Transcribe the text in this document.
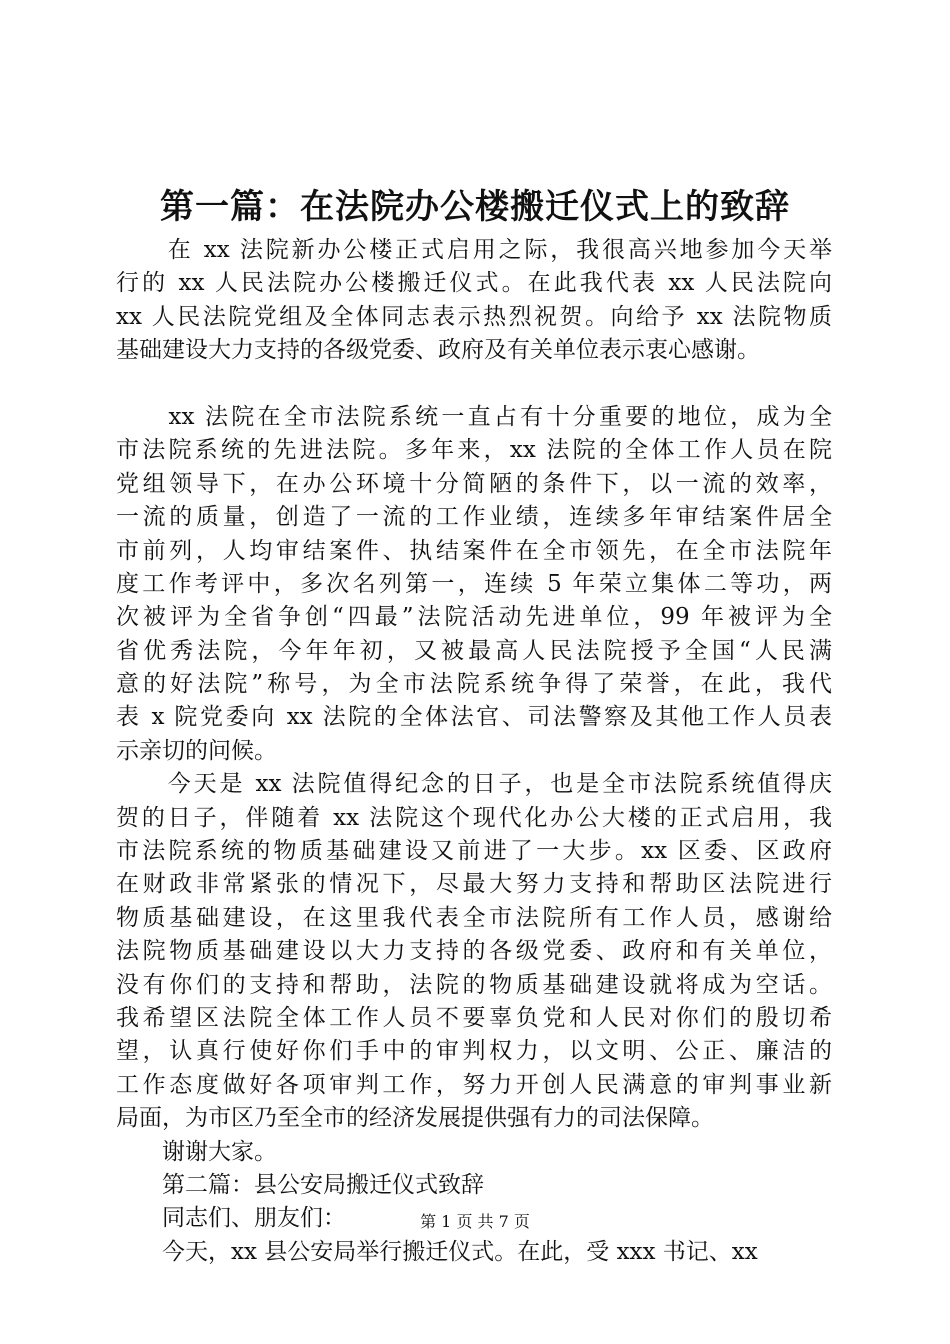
第一篇：在法院办公楼搬迁仪式上的致辞
　　在 xx 法院新办公楼正式启用之际，我很高兴地参加今天举
行的 xx 人民法院办公楼搬迁仪式。在此我代表 xx 人民法院向
xx 人民法院党组及全体同志表示热烈祝贺。向给予 xx 法院物质
基础建设大力支持的各级党委、政府及有关单位表示衷心感谢。
　　xx 法院在全市法院系统一直占有十分重要的地位，成为全
市法院系统的先进法院。多年来，xx 法院的全体工作人员在院
党组领导下，在办公环境十分简陋的条件下，以一流的效率，
一流的质量，创造了一流的工作业绩，连续多年审结案件居全
市前列，人均审结案件、执结案件在全市领先，在全市法院年
度工作考评中，多次名列第一，连续 5 年荣立集体二等功，两
次被评为全省争创“四最”法院活动先进单位，99 年被评为全
省优秀法院，今年年初，又被最高人民法院授予全国“人民满
意的好法院”称号，为全市法院系统争得了荣誉，在此，我代
表 x 院党委向 xx 法院的全体法官、司法警察及其他工作人员表
示亲切的问候。
　　今天是 xx 法院值得纪念的日子，也是全市法院系统值得庆
贺的日子，伴随着 xx 法院这个现代化办公大楼的正式启用，我
市法院系统的物质基础建设又前进了一大步。xx 区委、区政府
在财政非常紧张的情况下，尽最大努力支持和帮助区法院进行
物质基础建设，在这里我代表全市法院所有工作人员，感谢给
法院物质基础建设以大力支持的各级党委、政府和有关单位，
没有你们的支持和帮助，法院的物质基础建设就将成为空话。
我希望区法院全体工作人员不要辜负党和人民对你们的殷切希
望，认真行使好你们手中的审判权力，以文明、公正、廉洁的
工作态度做好各项审判工作，努力开创人民满意的审判事业新
局面，为市区乃至全市的经济发展提供强有力的司法保障。
　　谢谢大家。
　　第二篇：县公安局搬迁仪式致辞
　　同志们、朋友们：
　　今天，xx 县公安局举行搬迁仪式。在此，受 xxx 书记、xx
第 1 页 共 7 页
